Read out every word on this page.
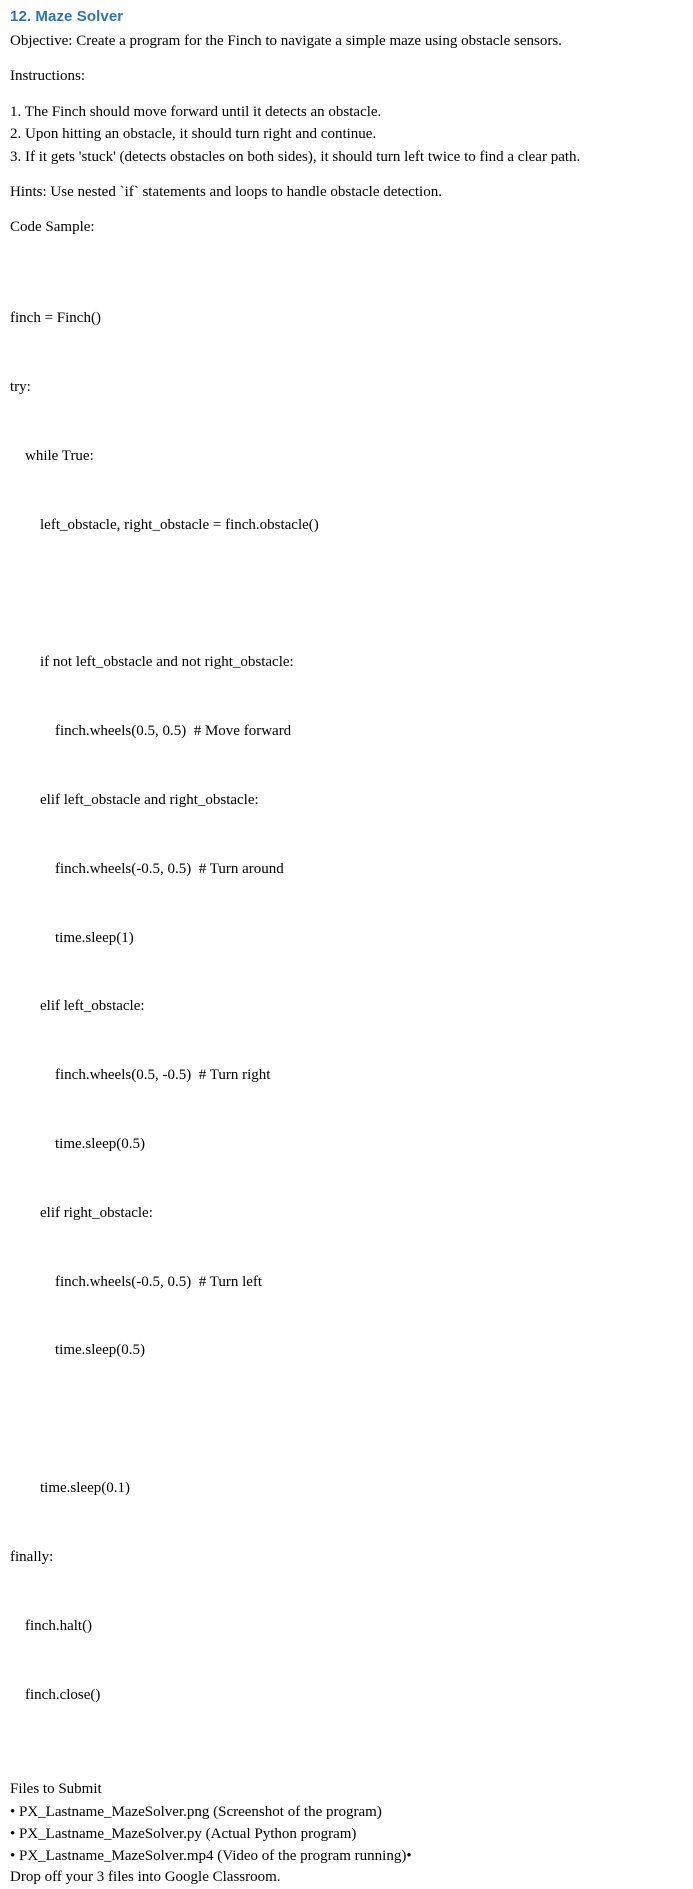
12. Maze Solver

Objective: Create a program for the Finch to navigate a simple maze using obstacle sensors.

Instructions:

1. The Finch should move forward until it detects an obstacle.
2. Upon hitting an obstacle, it should turn right and continue.
3. If it gets 'stuck' (detects obstacles on both sides), it should turn left twice to find a clear path.

Hints: Use nested `if` statements and loops to handle obstacle detection.

Code Sample:

finch = Finch()

try:

while True:

left_obstacle, right_obstacle = finch.obstacle()

if not left_obstacle and not right_obstacle:

finch.wheels(0.5, 0.5)  # Move forward

elif left_obstacle and right_obstacle:

finch.wheels(-0.5, 0.5)  # Turn around

time.sleep(1)

elif left_obstacle:

finch.wheels(0.5, -0.5)  # Turn right

time.sleep(0.5)

elif right_obstacle:

finch.wheels(-0.5, 0.5)  # Turn left

time.sleep(0.5)

time.sleep(0.1)

finally:

finch.halt()

finch.close()

Files to Submit

• PX_Lastname_MazeSolver.png (Screenshot of the program)
• PX_Lastname_MazeSolver.py (Actual Python program)
• PX_Lastname_MazeSolver.mp4 (Video of the program running)•

Drop off your 3 files into Google Classroom.
